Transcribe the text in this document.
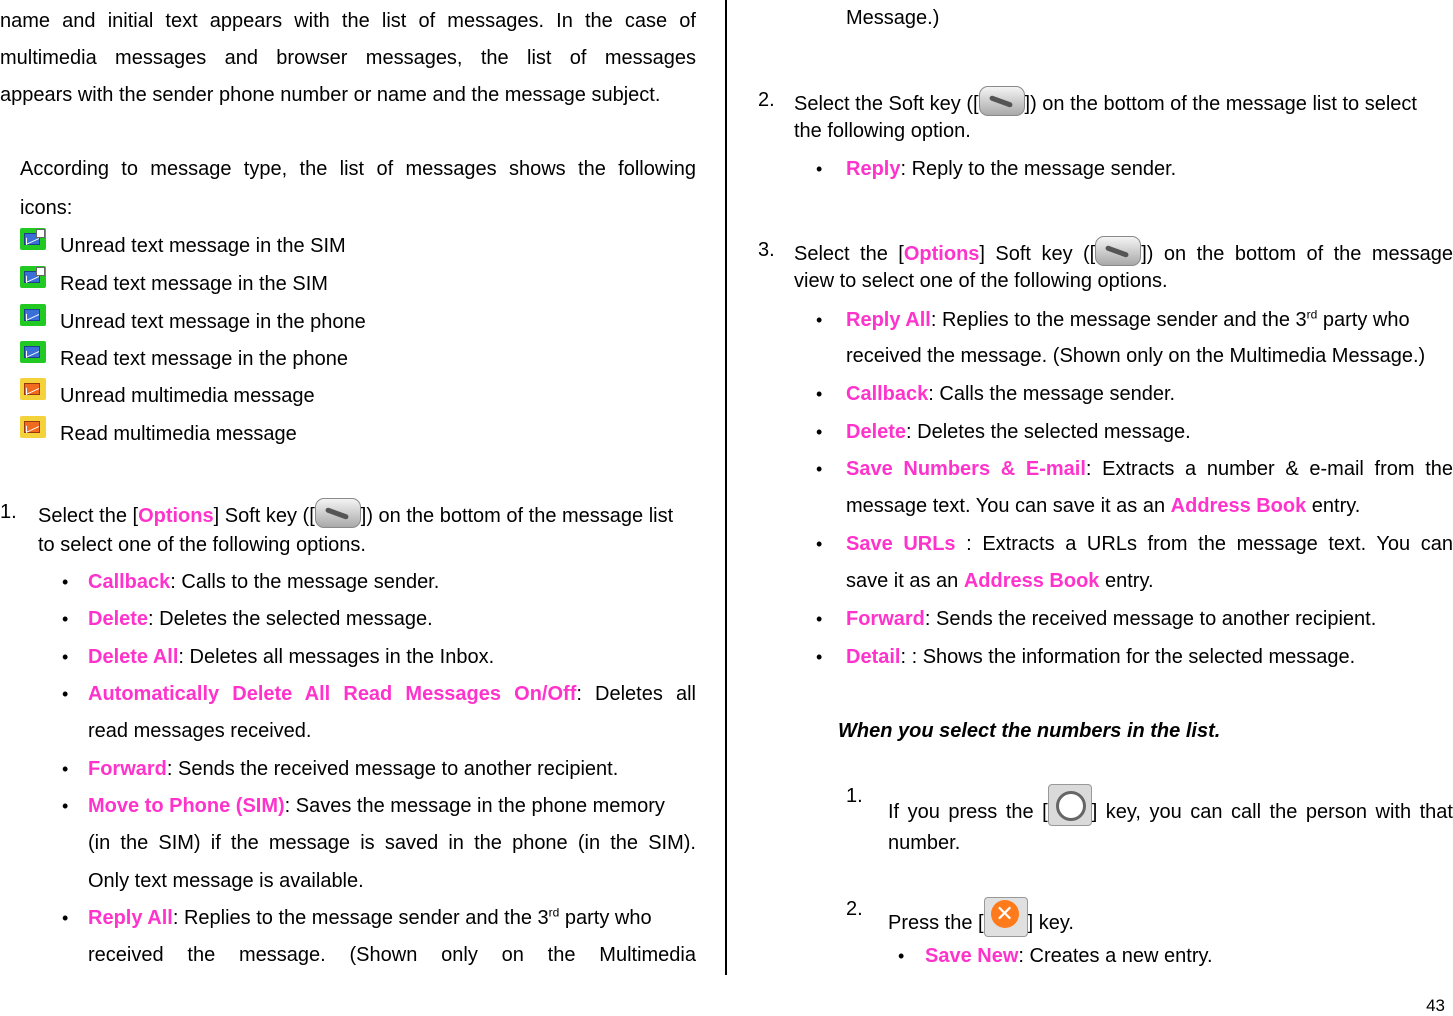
name and initial text appears with the list of messages. In the case of
multimedia messages and browser messages, the list of messages
appears with the sender phone number or name and the message subject.
According to message type, the list of messages shows the following
icons:
Unread text message in the SIM
Read text message in the SIM
Unread text message in the phone
Read text message in the phone
Unread multimedia message
Read multimedia message
1. Select the [Options] Soft key ([ ]) on the bottom of the message list
to select one of the following options.
• Callback: Calls to the message sender.
• Delete: Deletes the selected message.
• Delete All: Deletes all messages in the Inbox.
• Automatically Delete All Read Messages On/Off: Deletes all
read messages received.
• Forward: Sends the received message to another recipient.
• Move to Phone (SIM): Saves the message in the phone memory
(in the SIM) if the message is saved in the phone (in the SIM).
Only text message is available.
• Reply All: Replies to the message sender and the 3rd party who
received the message. (Shown only on the Multimedia
Message.)
2. Select the Soft key ([ ]) on the bottom of the message list to select
the following option.
• Reply: Reply to the message sender.
3. Select the [Options] Soft key ([ ]) on the bottom of the message
view to select one of the following options.
• Reply All: Replies to the message sender and the 3rd party who
received the message. (Shown only on the Multimedia Message.)
• Callback: Calls the message sender.
• Delete: Deletes the selected message.
• Save Numbers & E-mail: Extracts a number & e-mail from the
message text. You can save it as an Address Book entry.
• Save URLs : Extracts a URLs from the message text. You can
save it as an Address Book entry.
• Forward: Sends the received message to another recipient.
• Detail: : Shows the information for the selected message.
When you select the numbers in the list.
1.
If you press the [ ] key, you can call the person with that
number.
2.
Press the [✕ ] key.
• Save New: Creates a new entry.
43
